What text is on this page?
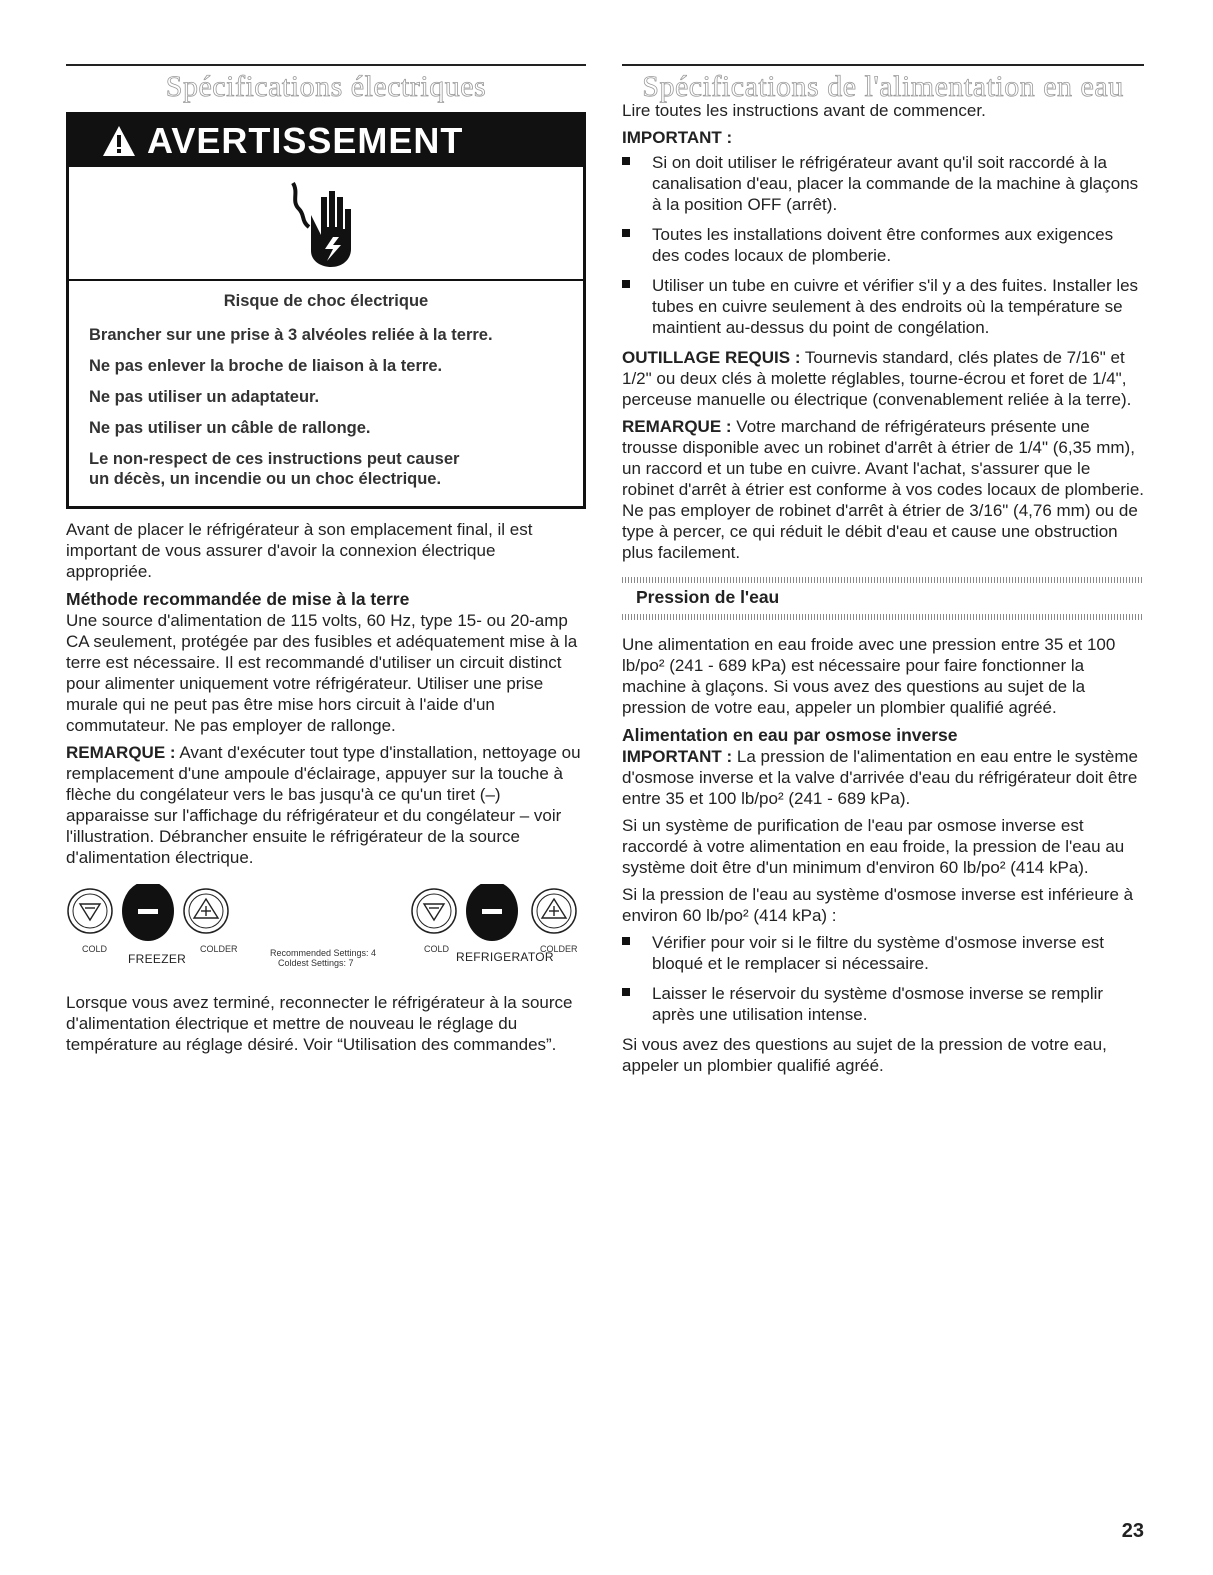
Spécifications électriques
AVERTISSEMENT

Risque de choc électrique

Brancher sur une prise à 3 alvéoles reliée à la terre.

Ne pas enlever la broche de liaison à la terre.

Ne pas utiliser un adaptateur.

Ne pas utiliser un câble de rallonge.

Le non-respect de ces instructions peut causer

un décès, un incendie ou un choc électrique.

Avant de placer le réfrigérateur à son emplacement final, il est important de vous assurer d'avoir la connexion électrique appropriée.

Méthode recommandée de mise à la terre

Une source d'alimentation de 115 volts, 60 Hz, type 15- ou 20-amp CA seulement, protégée par des fusibles et adéquatement mise à la terre est nécessaire. Il est recommandé d'utiliser un circuit distinct pour alimenter uniquement votre réfrigérateur. Utiliser une prise murale qui ne peut pas être mise hors circuit à l'aide d'un commutateur. Ne pas employer de rallonge.

REMARQUE : Avant d'exécuter tout type d'installation, nettoyage ou remplacement d'une ampoule d'éclairage, appuyer sur la touche à flèche du congélateur vers le bas jusqu'à ce qu'un tiret (–) apparaisse sur l'affichage du réfrigérateur et du congélateur – voir l'illustration. Débrancher ensuite le réfrigérateur de la source d'alimentation électrique.

COLD
FREEZER
COLDER	Recommended Settings: 4
Coldest Settings: 7
COLD
REFRIGERATOR
COLDER

Lorsque vous avez terminé, reconnecter le réfrigérateur à la source d'alimentation électrique et mettre de nouveau le réglage du température au réglage désiré. Voir “Utilisation des commandes”.

Spécifications de l'alimentation en eau

Lire toutes les instructions avant de commencer.

IMPORTANT :

Si on doit utiliser le réfrigérateur avant qu'il soit raccordé à la canalisation d'eau, placer la commande de la machine à glaçons à la position OFF (arrêt).
Toutes les installations doivent être conformes aux exigences des codes locaux de plomberie.
Utiliser un tube en cuivre et vérifier s'il y a des fuites. Installer les tubes en cuivre seulement à des endroits où la température se maintient au-dessus du point de congélation.

OUTILLAGE REQUIS : Tournevis standard, clés plates de 7/16" et 1/2" ou deux clés à molette réglables, tourne-écrou et foret de 1/4", perceuse manuelle ou électrique (convenablement reliée à la terre).

REMARQUE : Votre marchand de réfrigérateurs présente une trousse disponible avec un robinet d'arrêt à étrier de 1/4" (6,35 mm), un raccord et un tube en cuivre. Avant l'achat, s'assurer que le robinet d'arrêt à étrier est conforme à vos codes locaux de plomberie. Ne pas employer de robinet d'arrêt à étrier de 3/16" (4,76 mm) ou de type à percer, ce qui réduit le débit d'eau et cause une obstruction plus facilement.

Pression de l'eau

Une alimentation en eau froide avec une pression entre 35 et 100 lb/po² (241 - 689 kPa) est nécessaire pour faire fonctionner la machine à glaçons. Si vous avez des questions au sujet de la pression de votre eau, appeler un plombier qualifié agréé.

Alimentation en eau par osmose inverse

IMPORTANT : La pression de l'alimentation en eau entre le système d'osmose inverse et la valve d'arrivée d'eau du réfrigérateur doit être entre 35 et 100 lb/po² (241 - 689 kPa).

Si un système de purification de l'eau par osmose inverse est raccordé à votre alimentation en eau froide, la pression de l'eau au système doit être d'un minimum d'environ 60 lb/po² (414 kPa).

Si la pression de l'eau au système d'osmose inverse est inférieure à environ 60 lb/po² (414 kPa) :

Vérifier pour voir si le filtre du système d'osmose inverse est bloqué et le remplacer si nécessaire.
Laisser le réservoir du système d'osmose inverse se remplir après une utilisation intense.

Si vous avez des questions au sujet de la pression de votre eau, appeler un plombier qualifié agréé.

23
